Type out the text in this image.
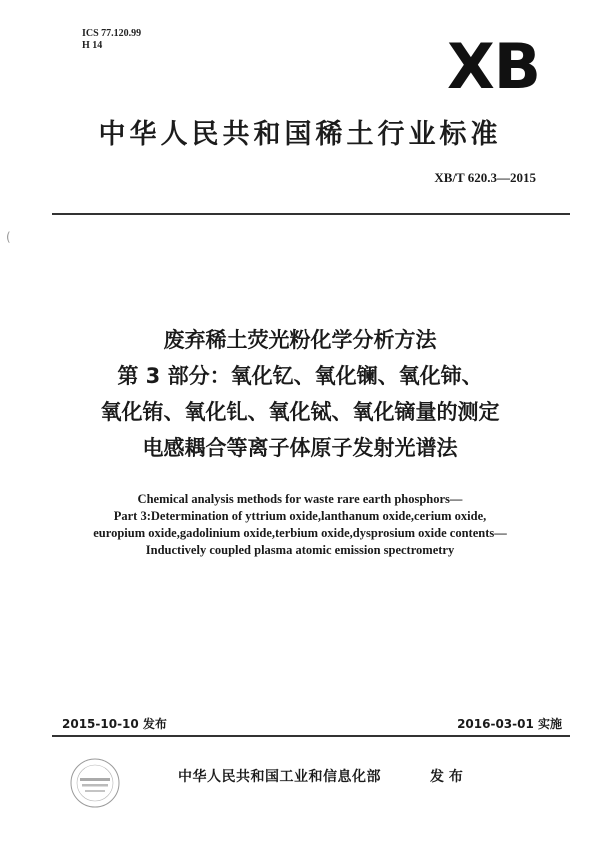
ICS 77.120.99
H 14	XB
中华人民共和国稀土行业标准
XB/T 620.3—2015
(
废弃稀土荧光粉化学分析方法
第 3 部分：氧化钇、氧化镧、氧化铈、
氧化铕、氧化钆、氧化铽、氧化镝量的测定
电感耦合等离子体原子发射光谱法
Chemical analysis methods for waste rare earth phosphors—
Part 3:Determination of yttrium oxide,lanthanum oxide,cerium oxide,
europium oxide,gadolinium oxide,terbium oxide,dysprosium oxide contents—
Inductively coupled plasma atomic emission spectrometry
2015-10-10 发布	2016-03-01 实施
中华人民共和国工业和信息化部	发 布
